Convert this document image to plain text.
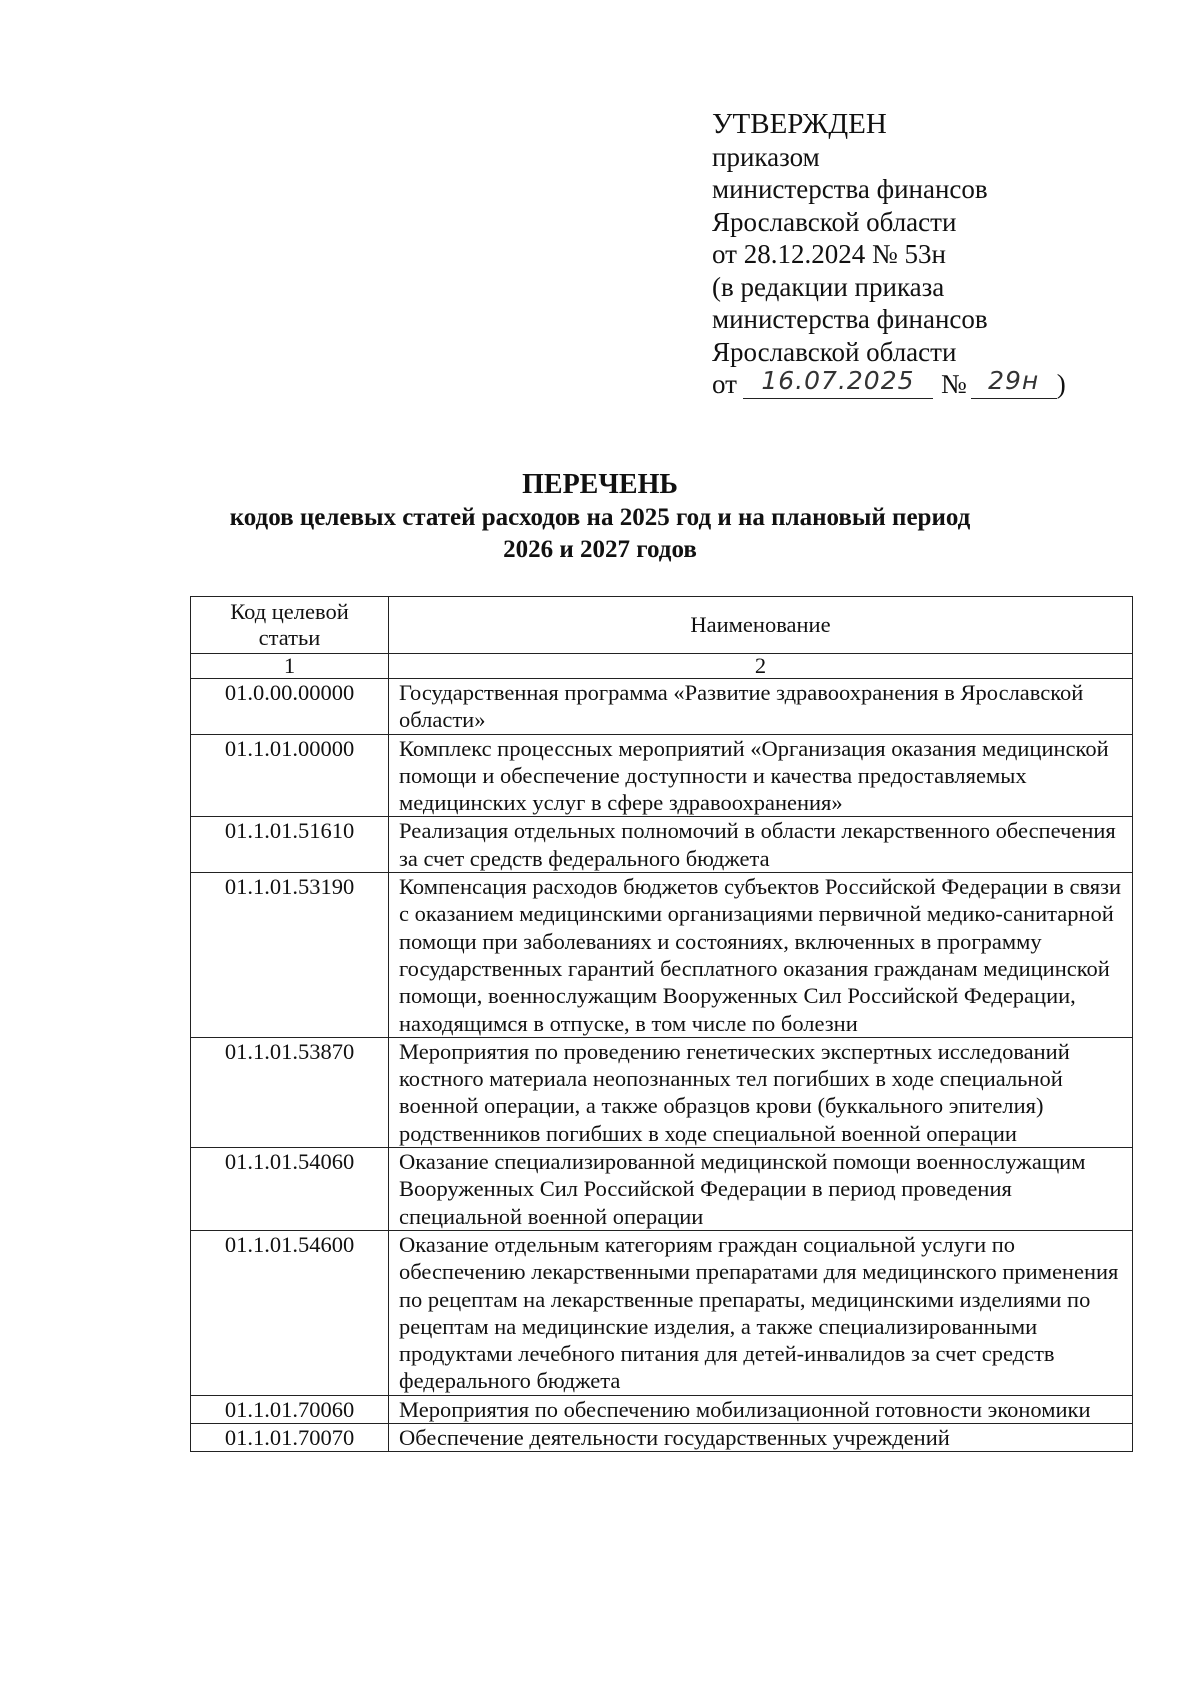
УТВЕРЖДЕН
приказом
министерства финансов
Ярославской области
от 28.12.2024 № 53н
(в редакции приказа
министерства финансов
Ярославской области
от 16.07.2025 № 29н )
ПЕРЕЧЕНЬ
кодов целевых статей расходов на 2025 год и на плановый период
2026 и 2027 годов
Код целевой статьи	Наименование
1	2
01.0.00.00000	Государственная программа «Развитие здравоохранения в Ярославской области»
01.1.01.00000	Комплекс процессных мероприятий «Организация оказания медицинской помощи и обеспечение доступности и качества предоставляемых медицинских услуг в сфере здравоохранения»
01.1.01.51610	Реализация отдельных полномочий в области лекарственного обеспечения за счет средств федерального бюджета
01.1.01.53190	Компенсация расходов бюджетов субъектов Российской Федерации в связи с оказанием медицинскими организациями первичной медико-санитарной помощи при заболеваниях и состояниях, включенных в программу государственных гарантий бесплатного оказания гражданам медицинской помощи, военнослужащим Вооруженных Сил Российской Федерации, находящимся в отпуске, в том числе по болезни
01.1.01.53870	Мероприятия по проведению генетических экспертных исследований костного материала неопознанных тел погибших в ходе специальной военной операции, а также образцов крови (буккального эпителия) родственников погибших в ходе специальной военной операции
01.1.01.54060	Оказание специализированной медицинской помощи военнослужащим Вооруженных Сил Российской Федерации в период проведения специальной военной операции
01.1.01.54600	Оказание отдельным категориям граждан социальной услуги по обеспечению лекарственными препаратами для медицинского применения по рецептам на лекарственные препараты, медицинскими изделиями по рецептам на медицинские изделия, а также специализированными продуктами лечебного питания для детей-инвалидов за счет средств федерального бюджета
01.1.01.70060	Мероприятия по обеспечению мобилизационной готовности экономики
01.1.01.70070	Обеспечение деятельности государственных учреждений
